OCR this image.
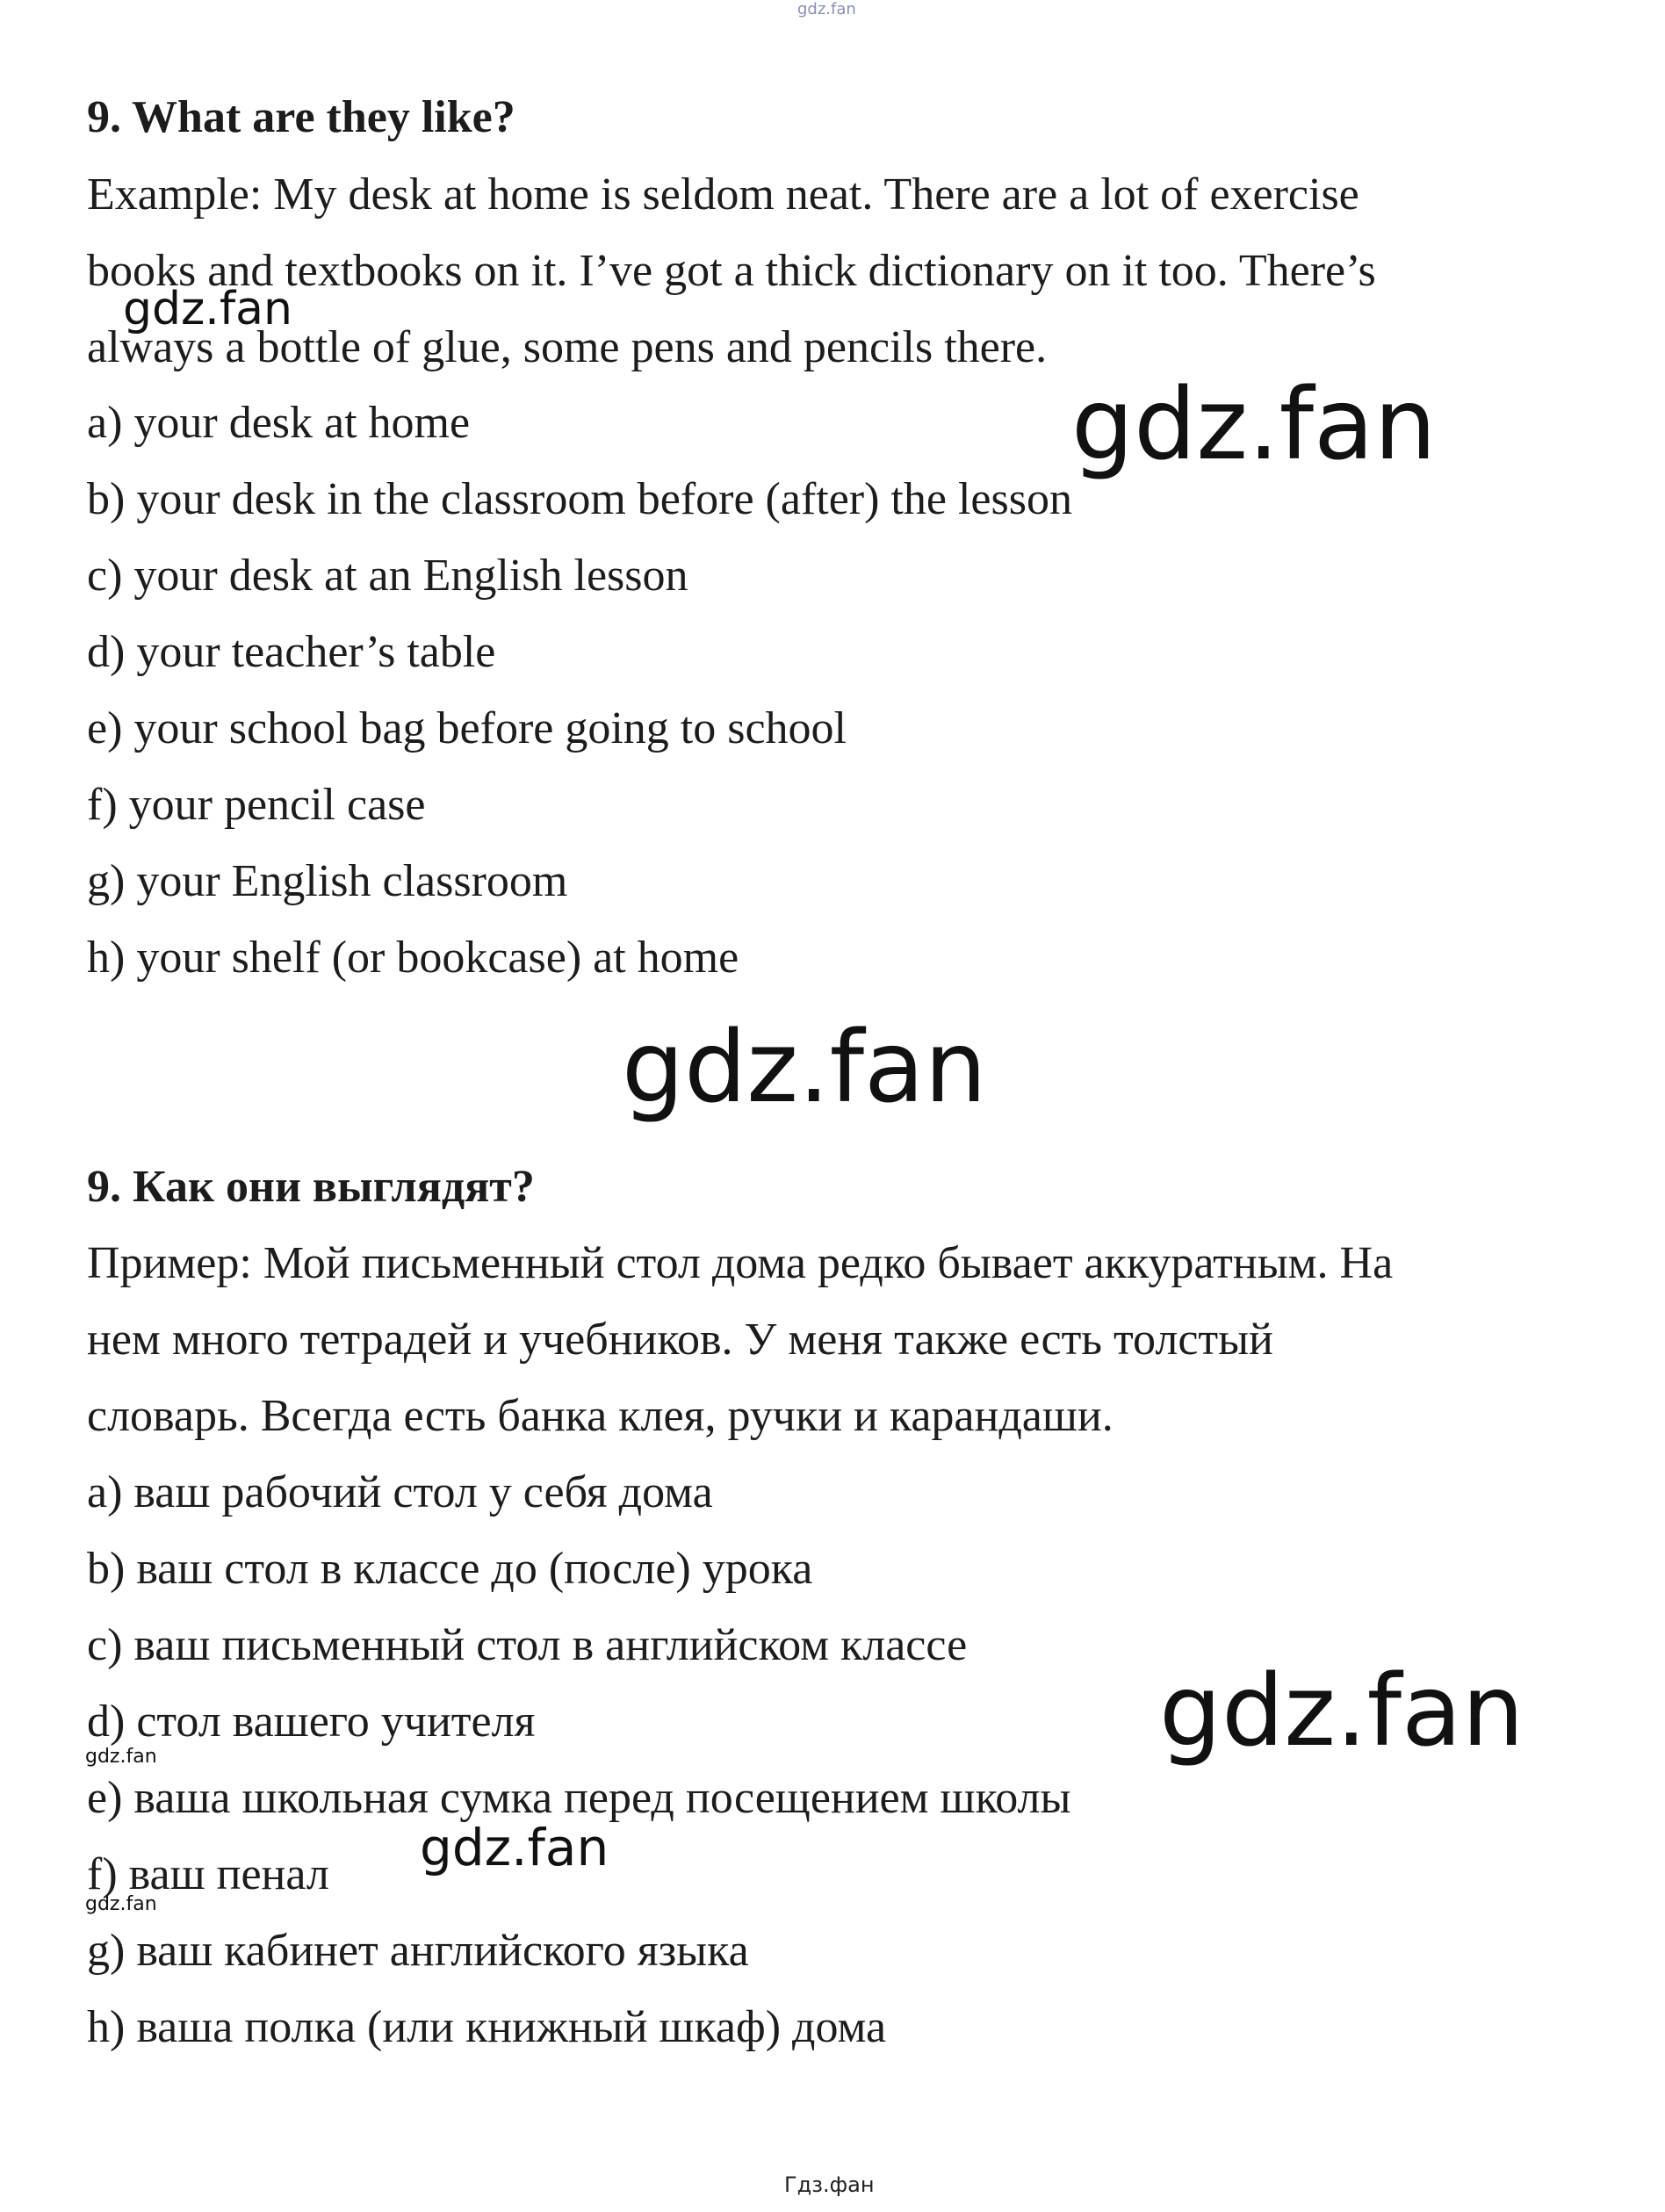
9. What are they like?
Example: My desk at home is seldom neat. There are a lot of exercise
books and textbooks on it. I’ve got a thick dictionary on it too. There’s
always a bottle of glue, some pens and pencils there.
a) your desk at home
b) your desk in the classroom before (after) the lesson
c) your desk at an English lesson
d) your teacher’s table
e) your school bag before going to school
f) your pencil case
g) your English classroom
h) your shelf (or bookcase) at home
9. Как они выглядят?
Пример: Мой письменный стол дома редко бывает аккуратным. На
нем много тетрадей и учебников. У меня также есть толстый
словарь. Всегда есть банка клея, ручки и карандаши.
a) ваш рабочий стол у себя дома
b) ваш стол в классе до (после) урока
c) ваш письменный стол в английском классе
d) стол вашего учителя
e) ваша школьная сумка перед посещением школы
f) ваш пенал
g) ваш кабинет английского языка
h) ваша полка (или книжный шкаф) дома
gdz.fan
gdz.fan
gdz.fan
gdz.fan
gdz.fan
gdz.fan
gdz.fan
gdz.fan
Гдз.фан
